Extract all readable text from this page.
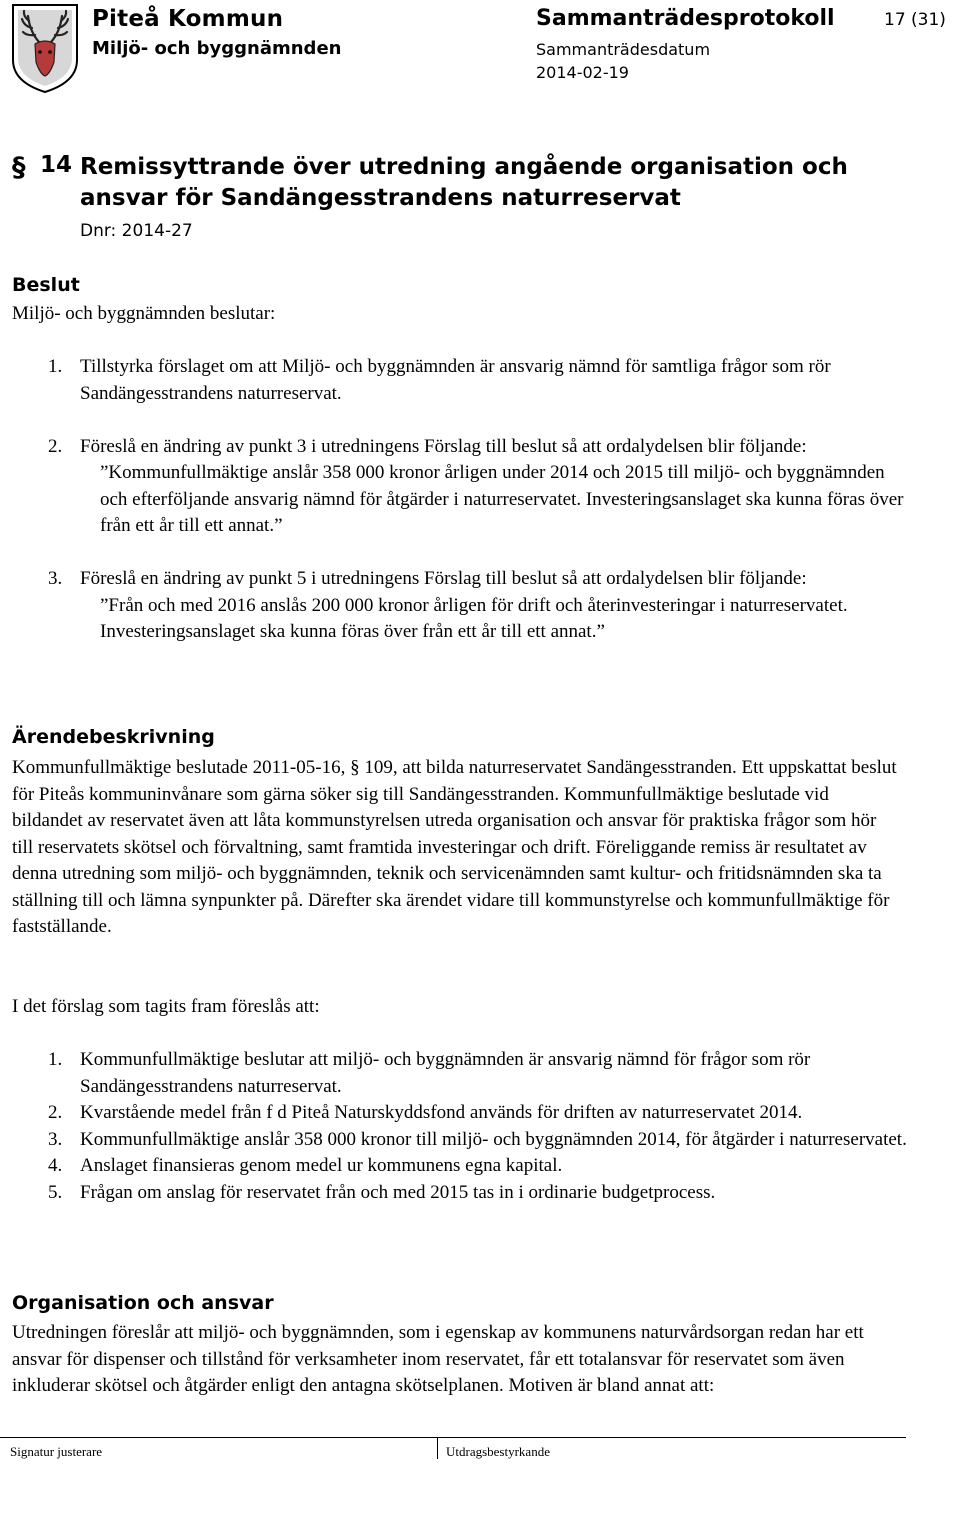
Piteå Kommun
Miljö- och byggnämnden
Sammanträdesprotokoll
Sammanträdesdatum
2014-02-19
17 (31)
§ 14 Remissyttrande över utredning angående organisation och ansvar för Sandängesstrandens naturreservat
Dnr: 2014-27
Beslut
Miljö- och byggnämnden beslutar:
1. Tillstyrka förslaget om att Miljö- och byggnämnden är ansvarig nämnd för samtliga frågor som rör Sandängesstrandens naturreservat.
2. Föreslå en ändring av punkt 3 i utredningens Förslag till beslut så att ordalydelsen blir följande:
”Kommunfullmäktige anslår 358 000 kronor årligen under 2014 och 2015 till miljö- och byggnämnden och efterföljande ansvarig nämnd för åtgärder i naturreservatet. Investeringsanslaget ska kunna föras över från ett år till ett annat.”
3. Föreslå en ändring av punkt 5 i utredningens Förslag till beslut så att ordalydelsen blir följande:
”Från och med 2016 anslås 200 000 kronor årligen för drift och återinvesteringar i naturreservatet. Investeringsanslaget ska kunna föras över från ett år till ett annat.”
Ärendebeskrivning
Kommunfullmäktige beslutade 2011-05-16, § 109, att bilda naturreservatet Sandängesstranden. Ett uppskattat beslut för Piteås kommuninvånare som gärna söker sig till Sandängesstranden. Kommunfullmäktige beslutade vid bildandet av reservatet även att låta kommunstyrelsen utreda organisation och ansvar för praktiska frågor som hör till reservatets skötsel och förvaltning, samt framtida investeringar och drift. Föreliggande remiss är resultatet av denna utredning som miljö- och byggnämnden, teknik och servicenämnden samt kultur- och fritidsnämnden ska ta ställning till och lämna synpunkter på. Därefter ska ärendet vidare till kommunstyrelse och kommunfullmäktige för fastställande.
I det förslag som tagits fram föreslås att:
1. Kommunfullmäktige beslutar att miljö- och byggnämnden är ansvarig nämnd för frågor som rör Sandängesstrandens naturreservat.
2. Kvarstående medel från f d Piteå Naturskyddsfond används för driften av naturreservatet 2014.
3. Kommunfullmäktige anslår 358 000 kronor till miljö- och byggnämnden 2014, för åtgärder i naturreservatet.
4. Anslaget finansieras genom medel ur kommunens egna kapital.
5. Frågan om anslag för reservatet från och med 2015 tas in i ordinarie budgetprocess.
Organisation och ansvar
Utredningen föreslår att miljö- och byggnämnden, som i egenskap av kommunens naturvårdsorgan redan har ett ansvar för dispenser och tillstånd för verksamheter inom reservatet, får ett totalansvar för reservatet som även inkluderar skötsel och åtgärder enligt den antagna skötselplanen. Motiven är bland annat att:
Signatur justerare	Utdragsbestyrkande
